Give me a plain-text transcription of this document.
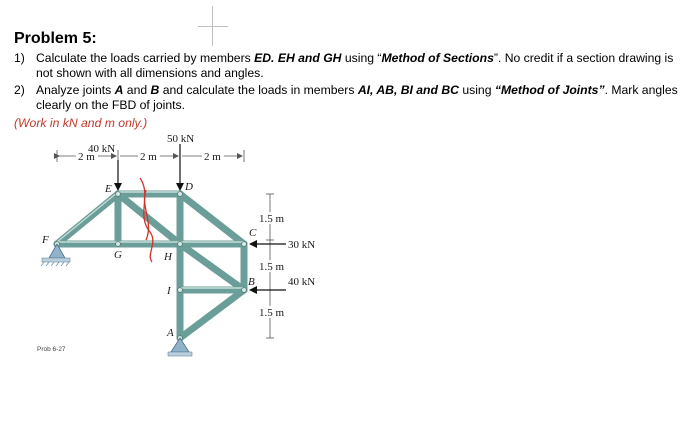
Problem 5:
1) Calculate the loads carried by members ED. EH and GH using “Method of Sections”. No credit if a section drawing is not shown with all dimensions and angles.
2) Analyze joints A and B and calculate the loads in members AI, AB, BI and BC using “Method of Joints”. Mark angles clearly on the FBD of joints.
(Work in kN and m only.)
2 m	2 m	2 m
1.5 m
1.5 m
1.5 m
40 kN
50 kN
30 kN
40 kN
E	D
F
G	H
C
B
I
A
Prob 6-27
